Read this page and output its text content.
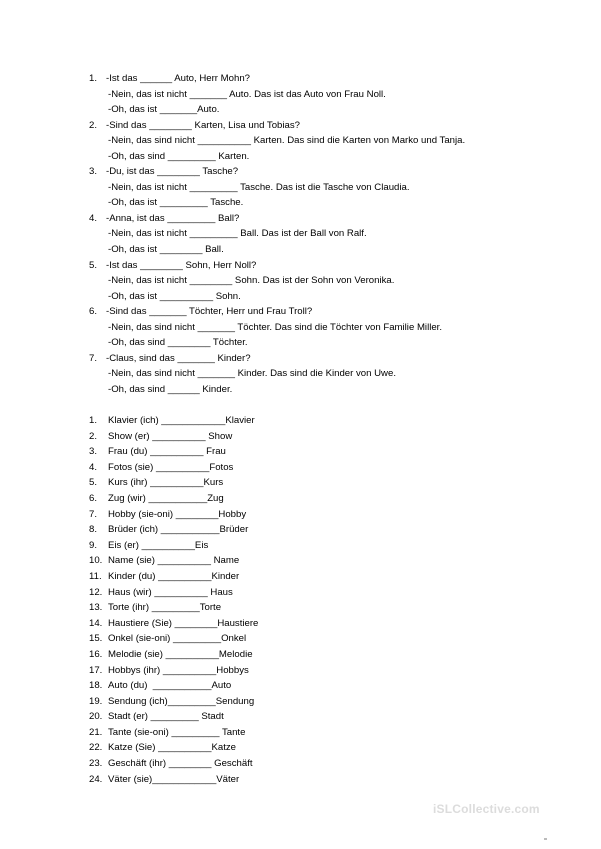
1. -Ist das ______ Auto, Herr Mohn?
-Nein, das ist nicht _______ Auto. Das ist das Auto von Frau Noll.
-Oh, das ist _______Auto.
2. -Sind das ________ Karten, Lisa und Tobias?
-Nein, das sind nicht __________ Karten. Das sind die Karten von Marko und Tanja.
-Oh, das sind _________ Karten.
3. -Du, ist das ________ Tasche?
-Nein, das ist nicht _________ Tasche. Das ist die Tasche von Claudia.
-Oh, das ist _________ Tasche.
4. -Anna, ist das _________ Ball?
-Nein, das ist nicht _________ Ball. Das ist der Ball von Ralf.
-Oh, das ist ________ Ball.
5. -Ist das ________ Sohn, Herr Noll?
-Nein, das ist nicht ________ Sohn. Das ist der Sohn von Veronika.
-Oh, das ist __________ Sohn.
6. -Sind das _______ Töchter, Herr und Frau Troll?
-Nein, das sind nicht _______ Töchter. Das sind die Töchter von Familie Miller.
-Oh, das sind ________ Töchter.
7. -Claus, sind das _______ Kinder?
-Nein, das sind nicht _______ Kinder. Das sind die Kinder von Uwe.
-Oh, das sind ______ Kinder.
1. Klavier (ich) ____________Klavier
2. Show (er) __________ Show
3. Frau (du) __________ Frau
4. Fotos (sie) __________Fotos
5. Kurs (ihr) __________Kurs
6. Zug (wir) ___________Zug
7. Hobby (sie-oni) ________Hobby
8. Brüder (ich) ___________Brüder
9. Eis (er) __________Eis
10. Name (sie) __________ Name
11. Kinder (du) __________Kinder
12. Haus (wir) __________ Haus
13. Torte (ihr) _________Torte
14. Haustiere (Sie) ________Haustiere
15. Onkel (sie-oni) _________Onkel
16. Melodie (sie) __________Melodie
17. Hobbys (ihr) __________Hobbys
18. Auto (du)  ___________Auto
19. Sendung (ich)_________Sendung
20. Stadt (er) _________ Stadt
21. Tante (sie-oni) _________ Tante
22. Katze (Sie) __________Katze
23. Geschäft (ihr) ________ Geschäft
24. Väter (sie)____________Väter
iSLCollective.com
